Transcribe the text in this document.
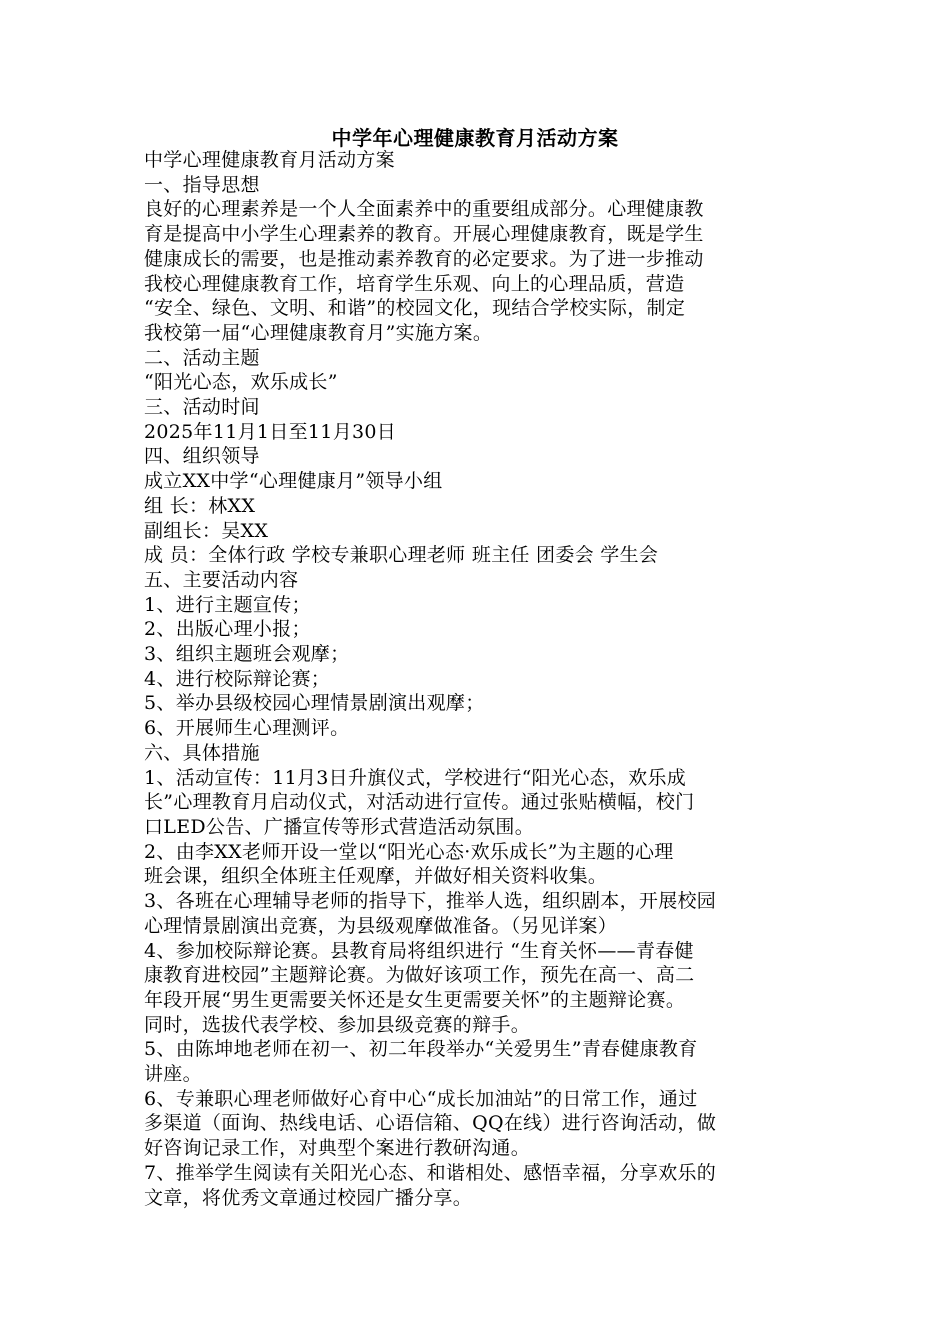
中学年心理健康教育月活动方案
中学心理健康教育月活动方案
一、指导思想
良好的心理素养是一个人全面素养中的重要组成部分。心理健康教
育是提高中小学生心理素养的教育。开展心理健康教育，既是学生
健康成长的需要，也是推动素养教育的必定要求。为了进一步推动
我校心理健康教育工作，培育学生乐观、向上的心理品质，营造
“安全、绿色、文明、和谐”的校园文化，现结合学校实际，制定
我校第一届“心理健康教育月”实施方案。
二、活动主题
“阳光心态，欢乐成长”
三、活动时间
2025年11月1日至11月30日
四、组织领导
成立XX中学“心理健康月”领导小组
组 长：林XX
副组长：吴XX
成 员：全体行政 学校专兼职心理老师 班主任 团委会 学生会
五、主要活动内容
1、进行主题宣传；
2、出版心理小报；
3、组织主题班会观摩；
4、进行校际辩论赛；
5、举办县级校园心理情景剧演出观摩；
6、开展师生心理测评。
六、具体措施
1、活动宣传：11月3日升旗仪式，学校进行“阳光心态，欢乐成
长”心理教育月启动仪式，对活动进行宣传。通过张贴横幅，校门
口LED公告、广播宣传等形式营造活动氛围。
2、由李XX老师开设一堂以“阳光心态·欢乐成长”为主题的心理
班会课，组织全体班主任观摩，并做好相关资料收集。
3、各班在心理辅导老师的指导下，推举人选，组织剧本，开展校园
心理情景剧演出竞赛，为县级观摩做准备。（另见详案）
4、参加校际辩论赛。县教育局将组织进行 “生育关怀——青春健
康教育进校园”主题辩论赛。为做好该项工作，预先在高一、高二
年段开展“男生更需要关怀还是女生更需要关怀”的主题辩论赛。
同时，选拔代表学校、参加县级竞赛的辩手。
5、由陈坤地老师在初一、初二年段举办“关爱男生”青春健康教育
讲座。
6、专兼职心理老师做好心育中心“成长加油站”的日常工作，通过
多渠道（面询、热线电话、心语信箱、QQ在线）进行咨询活动，做
好咨询记录工作，对典型个案进行教研沟通。
7、推举学生阅读有关阳光心态、和谐相处、感悟幸福，分享欢乐的
文章，将优秀文章通过校园广播分享。
